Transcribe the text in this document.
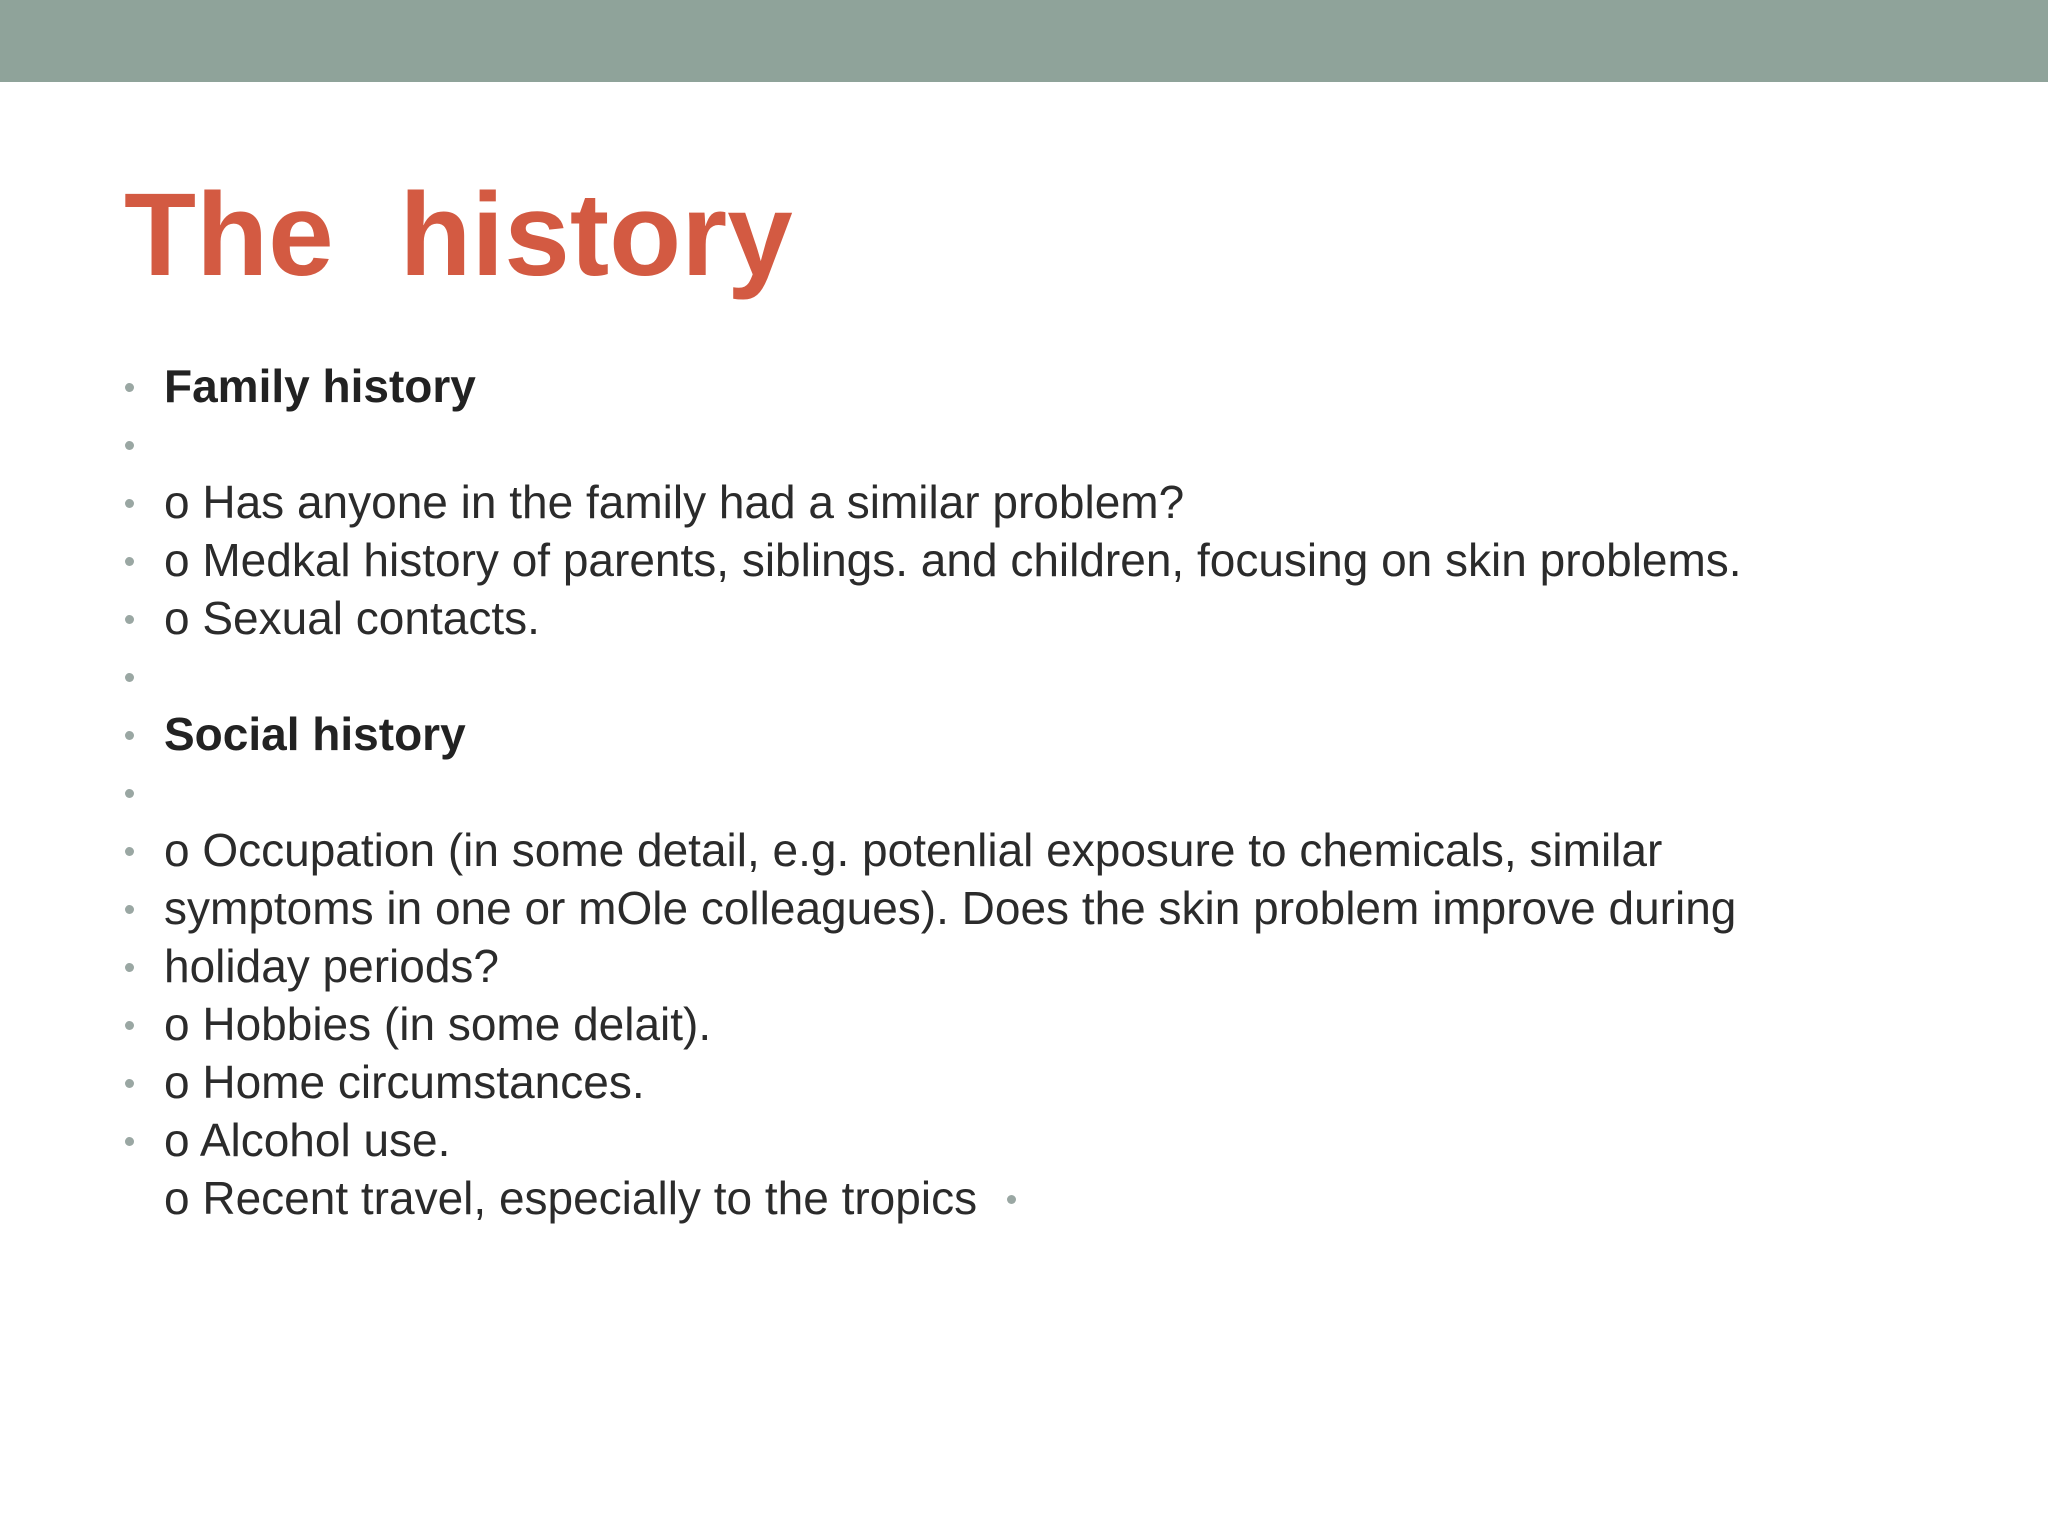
The  history
Family history
o Has anyone in the family had a similar problem?
o Medkal history of parents, siblings. and children, focusing on skin problems.
o Sexual contacts.
Social history
o Occupation (in some detail, e.g. potenlial exposure to chemicals, similar
symptoms in one or mOle colleagues). Does the skin problem improve during
holiday periods?
o Hobbies (in some delait).
o Home circumstances.
o Alcohol use.
o Recent travel, especially to the tropics
